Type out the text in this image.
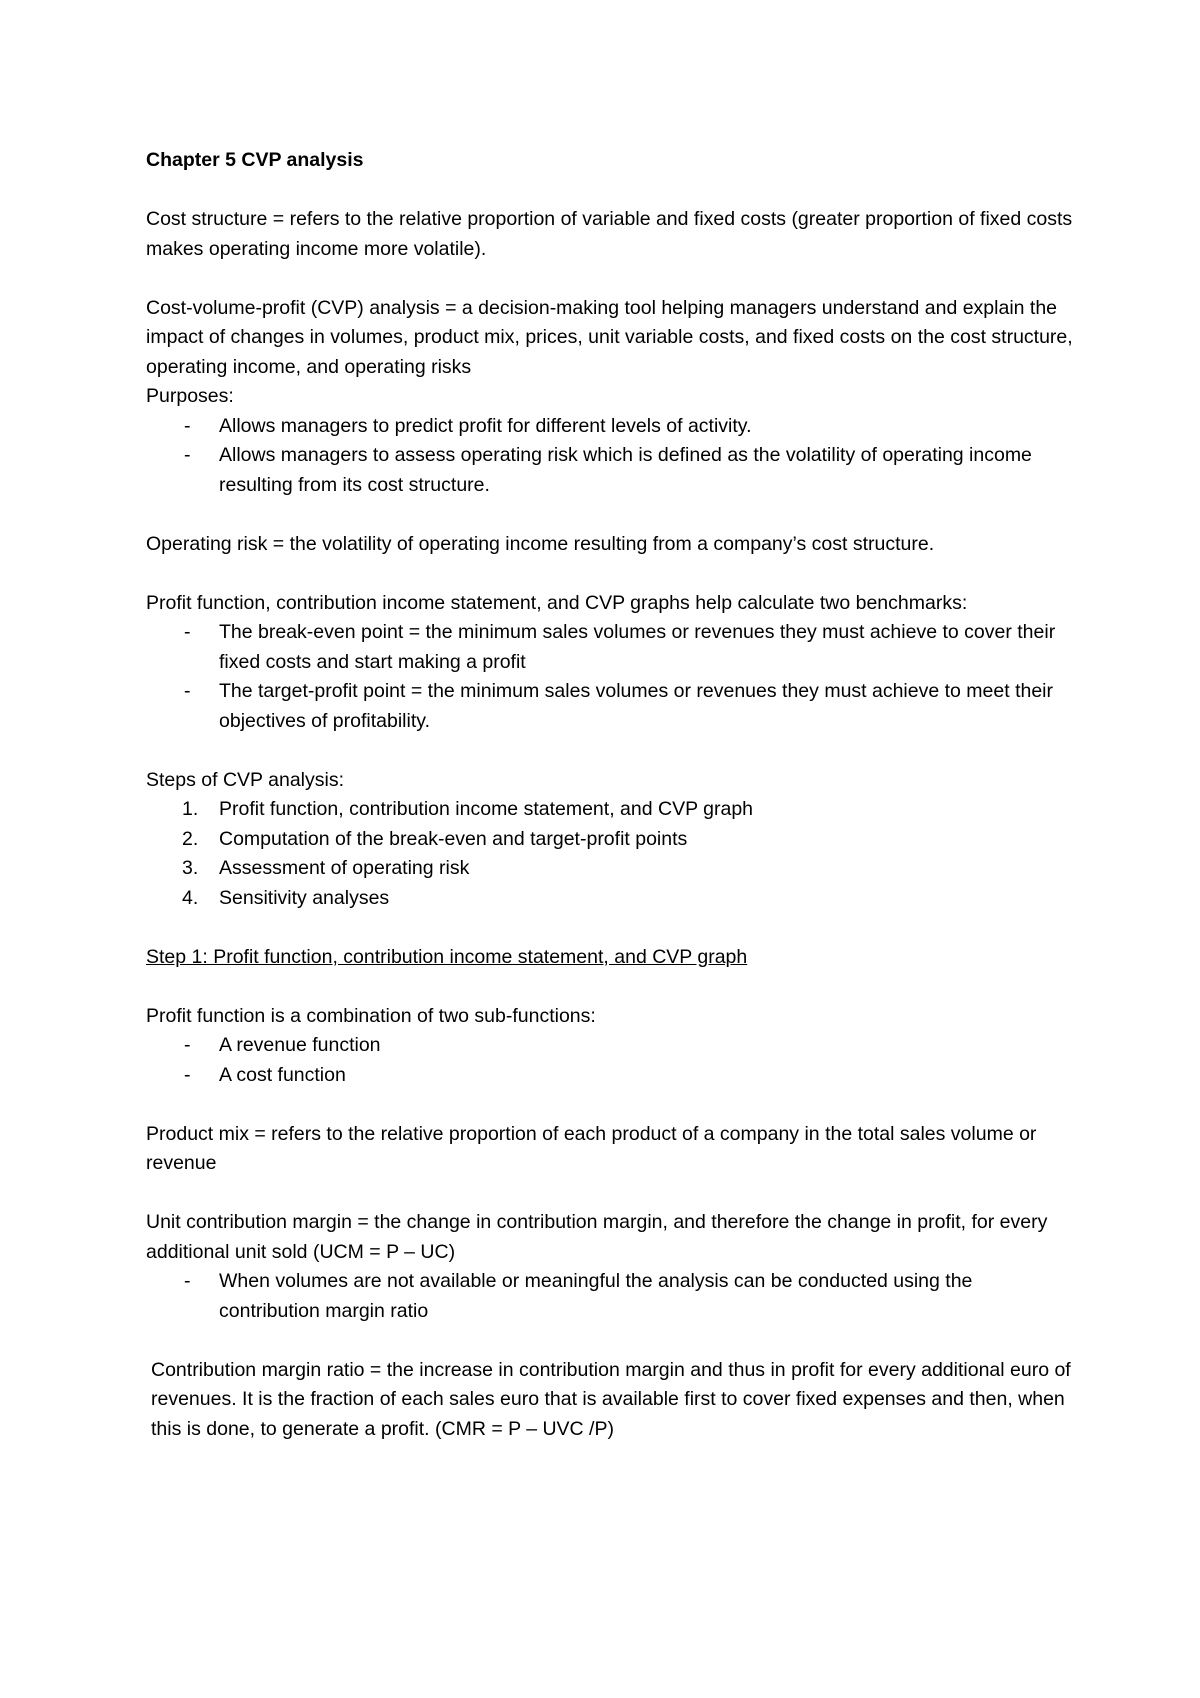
Chapter 5 CVP analysis
Cost structure = refers to the relative proportion of variable and fixed costs (greater proportion of fixed costs makes operating income more volatile).
Cost-volume-profit (CVP) analysis = a decision-making tool helping managers understand and explain the impact of changes in volumes, product mix, prices, unit variable costs, and fixed costs on the cost structure, operating income, and operating risks
Purposes:
- Allows managers to predict profit for different levels of activity.
- Allows managers to assess operating risk which is defined as the volatility of operating income resulting from its cost structure.
Operating risk = the volatility of operating income resulting from a company’s cost structure.
Profit function, contribution income statement, and CVP graphs help calculate two benchmarks:
- The break-even point = the minimum sales volumes or revenues they must achieve to cover their fixed costs and start making a profit
- The target-profit point = the minimum sales volumes or revenues they must achieve to meet their objectives of profitability.
Steps of CVP analysis:
1. Profit function, contribution income statement, and CVP graph
2. Computation of the break-even and target-profit points
3. Assessment of operating risk
4. Sensitivity analyses
Step 1: Profit function, contribution income statement, and CVP graph
Profit function is a combination of two sub-functions:
- A revenue function
- A cost function
Product mix = refers to the relative proportion of each product of a company in the total sales volume or revenue
Unit contribution margin = the change in contribution margin, and therefore the change in profit, for every additional unit sold (UCM = P – UC)
- When volumes are not available or meaningful the analysis can be conducted using the contribution margin ratio
Contribution margin ratio = the increase in contribution margin and thus in profit for every additional euro of revenues. It is the fraction of each sales euro that is available first to cover fixed expenses and then, when this is done, to generate a profit. (CMR = P – UVC /P)
